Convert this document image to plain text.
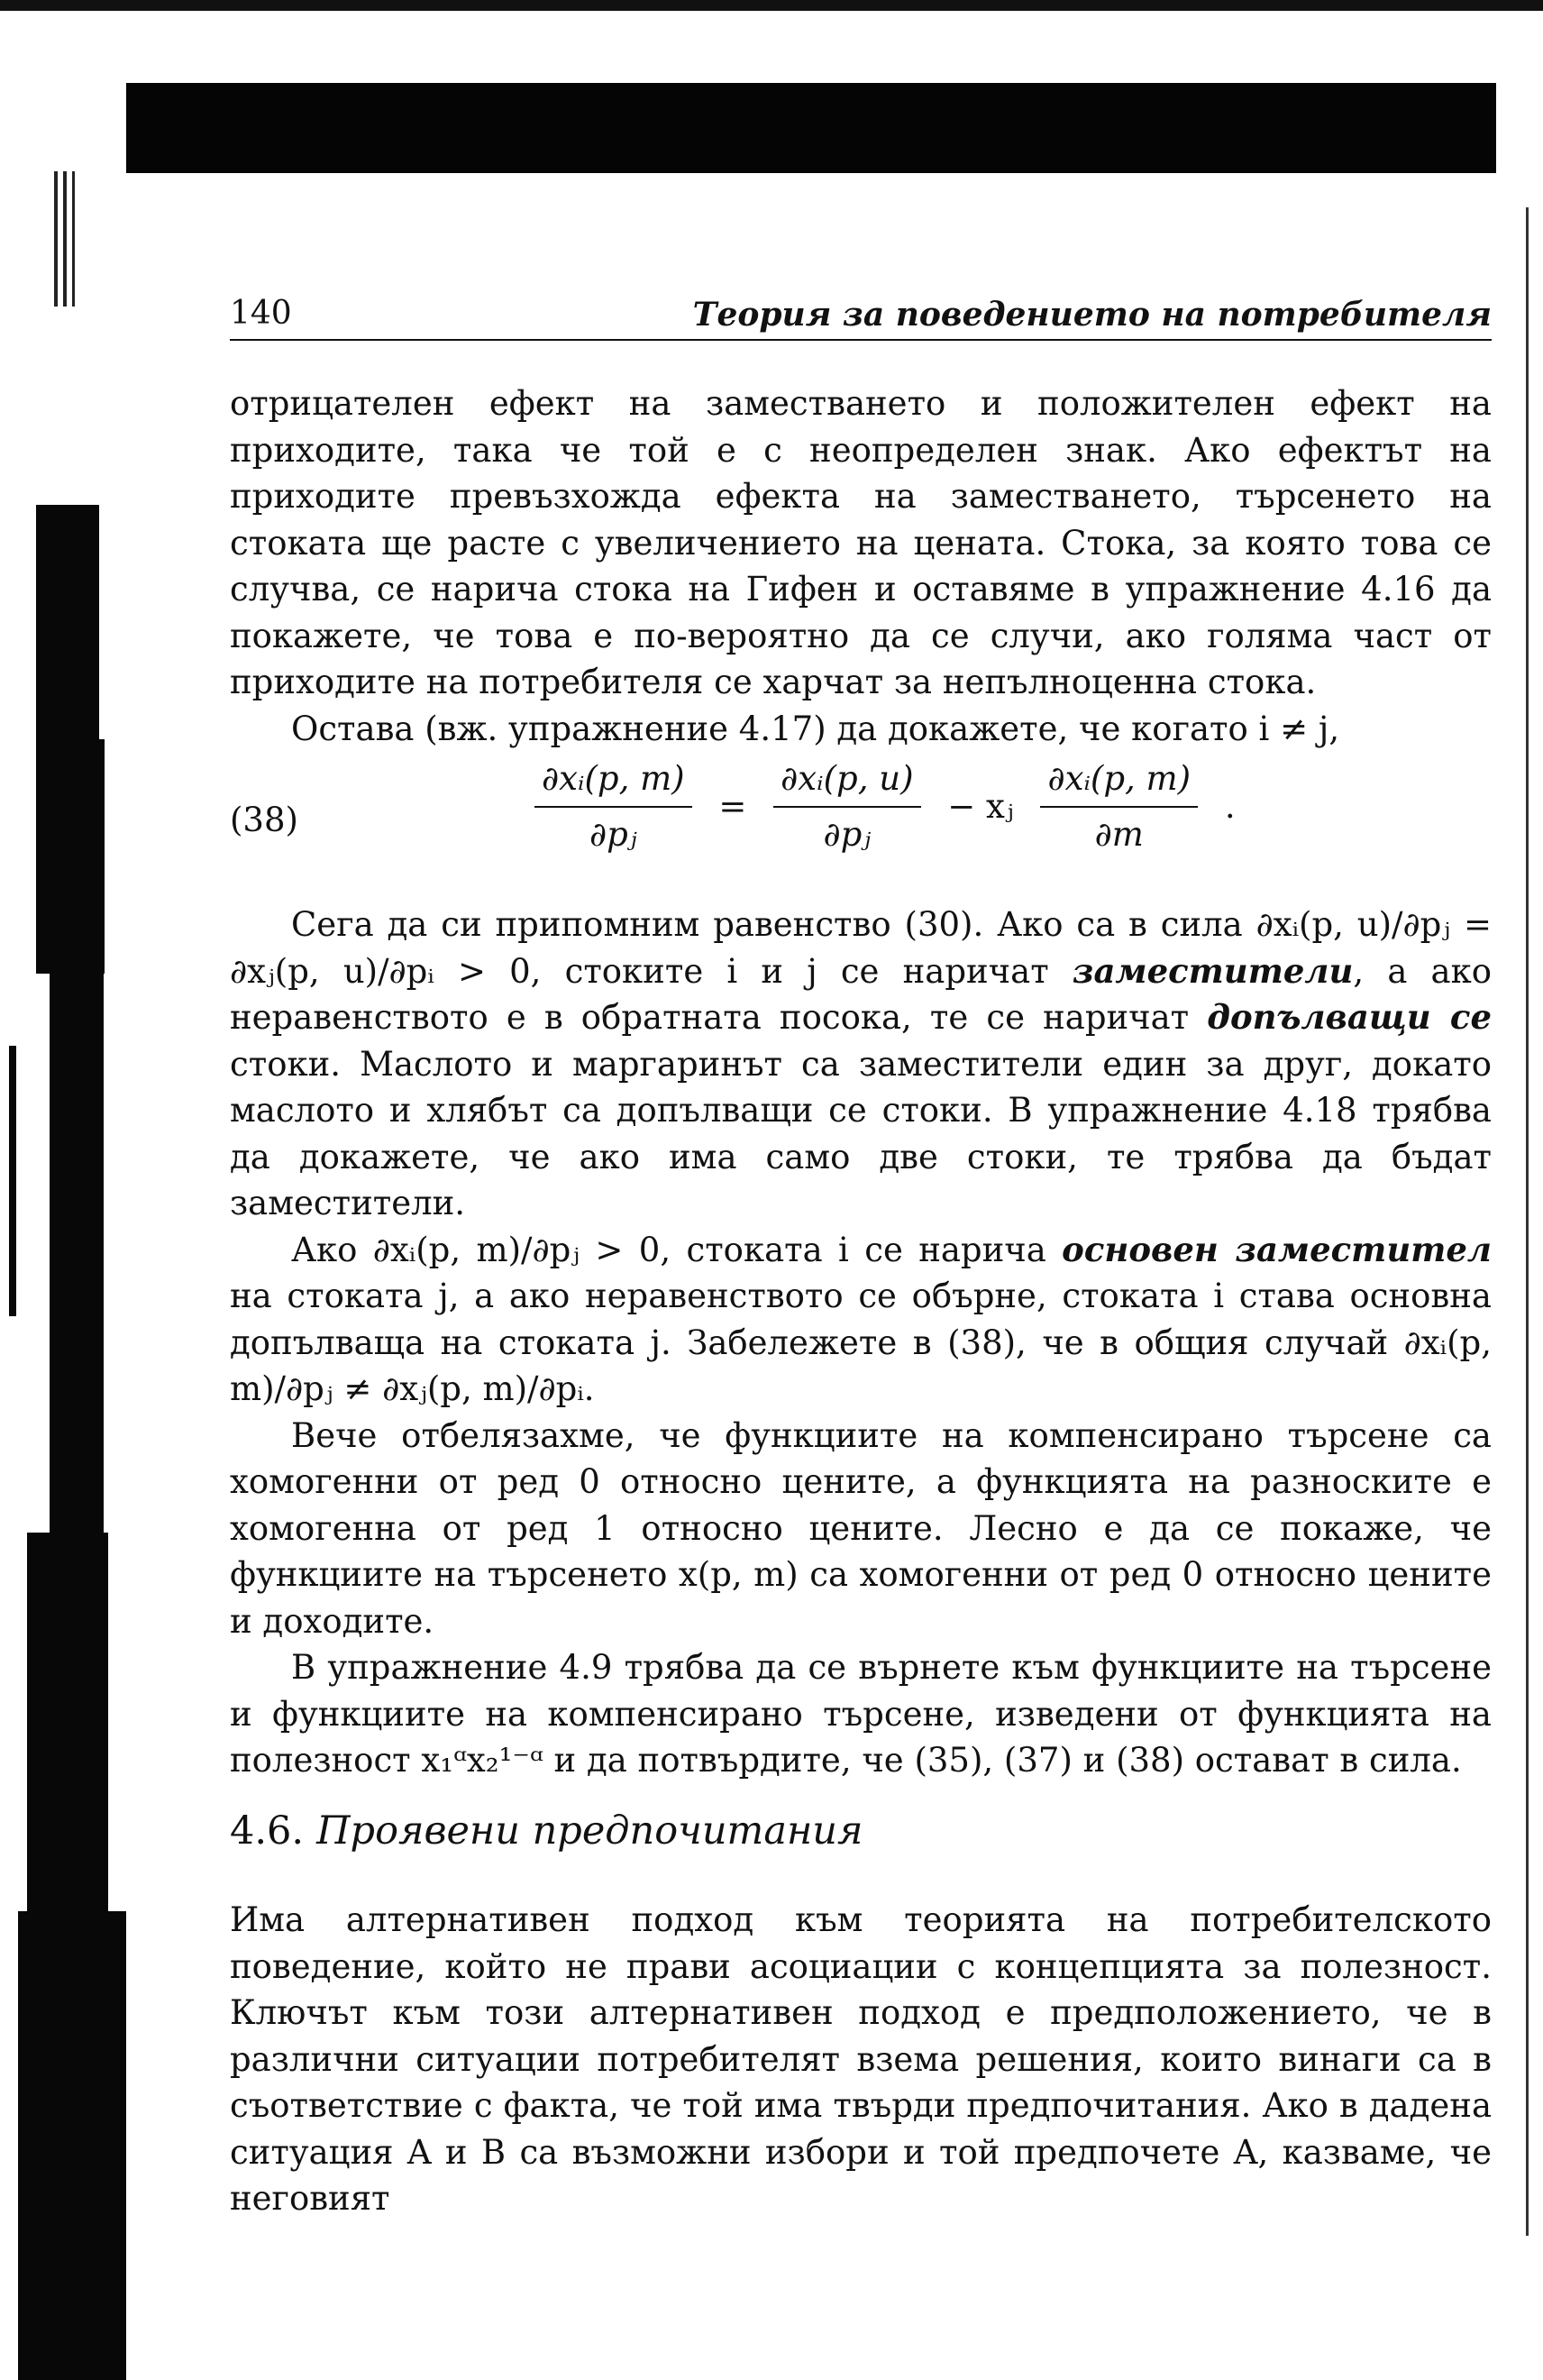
140	Теория за поведението на потребителя

отрицателен ефект на заместването и положителен ефект на приходите, така че той е с неопределен знак. Ако ефектът на приходите превъзхожда ефекта на заместването, търсенето на стоката ще расте с увеличението на цената. Стока, за която това се случва, се нарича стока на Гифен и оставяме в упражнение 4.16 да покажете, че това е по-вероятно да се случи, ако голяма част от приходите на потребителя се харчат за непълноценна стока.

Остава (вж. упражнение 4.17) да докажете, че когато i ≠ j,

(38)	$\frac{\text{∂xᵢ(p, m)}}{\text{∂pⱼ}} = \frac{\text{∂xᵢ(p, u)}}{\text{∂pⱼ}}$ − xⱼ $\frac{\text{∂xᵢ(p, m)}}{\partial m}$ .

Сега да си припомним равенство (30). Ако са в сила ∂xᵢ(p, u)/∂pⱼ = ∂xⱼ(p, u)/∂pᵢ > 0, стоките i и j се наричат заместители, а ако неравенството е в обратната посока, те се наричат допълващи се стоки. Маслото и маргаринът са заместители един за друг, докато маслото и хлябът са допълващи се стоки. В упражнение 4.18 трябва да докажете, че ако има само две стоки, те трябва да бъдат заместители.

Ако ∂xᵢ(p, m)/∂pⱼ > 0, стоката i се нарича основен заместител на стоката j, а ако неравенството се обърне, стоката i става основна допълваща на стоката j. Забележете в (38), че в общия случай ∂xᵢ(p, m)/∂pⱼ ≠ ∂xⱼ(p, m)/∂pᵢ.

Вече отбелязахме, че функциите на компенсирано търсене са хомогенни от ред 0 относно цените, а функцията на разноските е хомогенна от ред 1 относно цените. Лесно е да се покаже, че функциите на търсенето x(p, m) са хомогенни от ред 0 относно цените и доходите.

В упражнение 4.9 трябва да се върнете към функциите на търсене и функциите на компенсирано търсене, изведени от функцията на полезност x₁ᵅx₂¹⁻ᵅ и да потвърдите, че (35), (37) и (38) остават в сила.

4.6. Проявени предпочитания

Има алтернативен подход към теорията на потребителското поведение, който не прави асоциации с концепцията за полезност. Ключът към този алтернативен подход е предположението, че в различни ситуации потребителят взема решения, които винаги са в съответствие с факта, че той има твърди предпочитания. Ако в дадена ситуация A и B са възможни избори и той предпочете A, казваме, че неговият
